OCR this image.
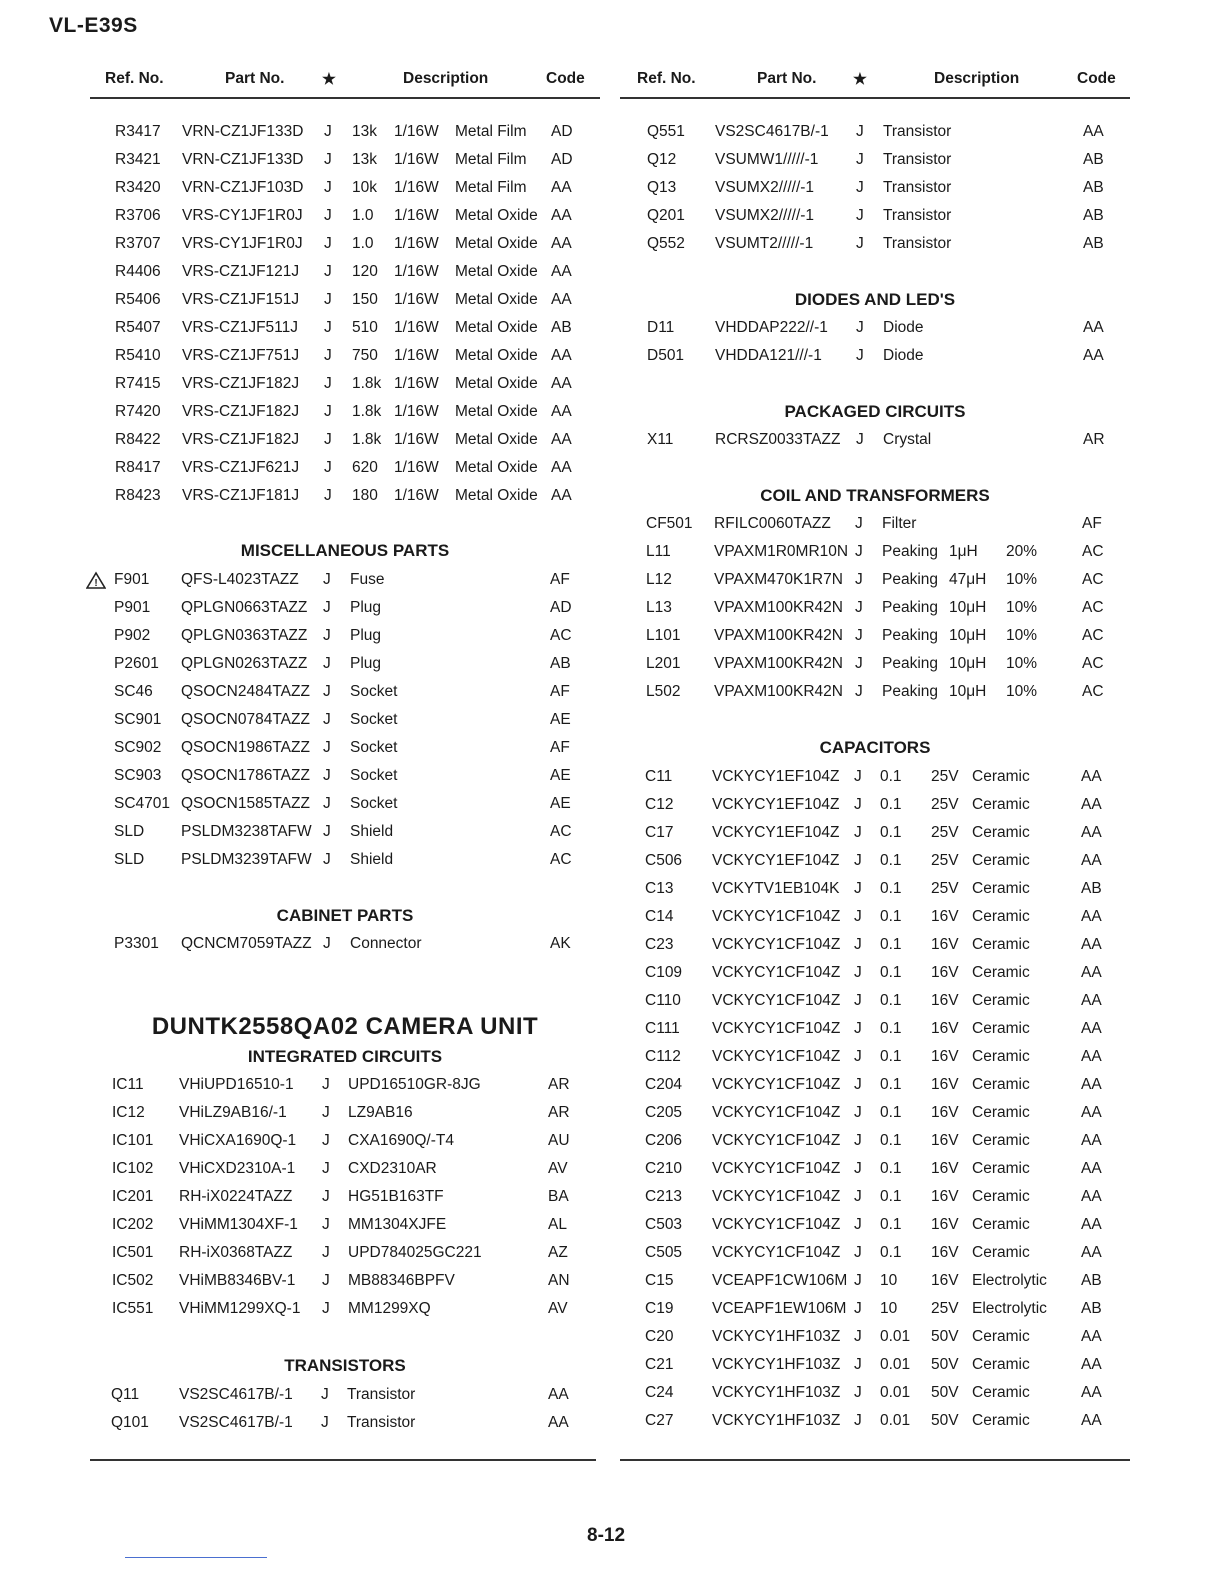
VL-E39S
Ref. No.	Part No. ★	Description	Code
R3417 VRN-CZ1JF133D J 13k 1/16W Metal Film AD
R3421 VRN-CZ1JF133D J 13k 1/16W Metal Film AD
R3420 VRN-CZ1JF103D J 10k 1/16W Metal Film AA
R3706 VRS-CY1JF1R0J J 1.0 1/16W Metal Oxide AA
R3707 VRS-CY1JF1R0J J 1.0 1/16W Metal Oxide AA
R4406 VRS-CZ1JF121J J 120 1/16W Metal Oxide AA
R5406 VRS-CZ1JF151J J 150 1/16W Metal Oxide AA
R5407 VRS-CZ1JF511J J 510 1/16W Metal Oxide AB
R5410 VRS-CZ1JF751J J 750 1/16W Metal Oxide AA
R7415 VRS-CZ1JF182J J 1.8k 1/16W Metal Oxide AA
R7420 VRS-CZ1JF182J J 1.8k 1/16W Metal Oxide AA
R8422 VRS-CZ1JF182J J 1.8k 1/16W Metal Oxide AA
R8417 VRS-CZ1JF621J J 620 1/16W Metal Oxide AA
R8423 VRS-CZ1JF181J J 180 1/16W Metal Oxide AA
MISCELLANEOUS PARTS
F901 QFS-L4023TAZZ J Fuse	AF
!
P901 QPLGN0663TAZZ J Plug	AD
P902 QPLGN0363TAZZ J Plug	AC
P2601 QPLGN0263TAZZ J Plug	AB
SC46 QSOCN2484TAZZ J Socket	AF
SC901 QSOCN0784TAZZ J Socket	AE
SC902 QSOCN1986TAZZ J Socket	AF
SC903 QSOCN1786TAZZ J Socket	AE
SC4701 QSOCN1585TAZZ J Socket	AE
SLD PSLDM3238TAFW J Shield	AC
SLD PSLDM3239TAFW J Shield	AC
CABINET PARTS
P3301 QCNCM7059TAZZ J Connector	AK
DUNTK2558QA02 CAMERA UNIT
INTEGRATED CIRCUITS
IC11 VHiUPD16510-1 J UPD16510GR-8JG	AR
IC12 VHiLZ9AB16/-1 J LZ9AB16	AR
IC101 VHiCXA1690Q-1 J CXA1690Q/-T4	AU
IC102 VHiCXD2310A-1 J CXD2310AR	AV
IC201 RH-iX0224TAZZ J HG51B163TF	BA
IC202 VHiMM1304XF-1 J MM1304XJFE	AL
IC501 RH-iX0368TAZZ J UPD784025GC221	AZ
IC502 VHiMB8346BV-1 J MB88346BPFV	AN
IC551 VHiMM1299XQ-1 J MM1299XQ	AV
TRANSISTORS
Q11	VS2SC4617B/-1 J Transistor	AA
Q101 VS2SC4617B/-1 J Transistor	AA
Ref. No.	Part No. ★	Description	Code
Q551 VS2SC4617B/-1 J Transistor	AA
Q12 VSUMW1/////-1 J Transistor	AB
Q13 VSUMX2/////-1	J Transistor	AB
Q201 VSUMX2/////-1	J Transistor	AB
Q552 VSUMT2/////-1	J Transistor	AB
DIODES AND LED'S
D11	VHDDAP222//-1 J Diode	AA
D501 VHDDA121///-1 J Diode	AA
PACKAGED CIRCUITS
X11	RCRSZ0033TAZZ J Crystal	AR
COIL AND TRANSFORMERS
CF501 RFILC0060TAZZ J Filter	AF
L11	VPAXM1R0MR10N J Peaking 1μH 20%	AC
L12	VPAXM470K1R7N J Peaking 47μH 10%	AC
L13	VPAXM100KR42N J Peaking 10μH 10%	AC
L101 VPAXM100KR42N J Peaking 10μH 10%	AC
L201 VPAXM100KR42N J Peaking 10μH 10%	AC
L502 VPAXM100KR42N J Peaking 10μH 10%	AC
CAPACITORS
C11	VCKYCY1EF104Z J 0.1 25V Ceramic	AA
C12 VCKYCY1EF104Z J 0.1 25V Ceramic	AA
C17 VCKYCY1EF104Z J 0.1 25V Ceramic	AA
C506 VCKYCY1EF104Z J 0.1 25V Ceramic	AA
C13 VCKYTV1EB104K J 0.1 25V Ceramic	AB
C14 VCKYCY1CF104Z J 0.1 16V Ceramic	AA
C23 VCKYCY1CF104Z J 0.1 16V Ceramic	AA
C109 VCKYCY1CF104Z J 0.1 16V Ceramic	AA
C110 VCKYCY1CF104Z J 0.1 16V Ceramic	AA
C111 VCKYCY1CF104Z J 0.1 16V Ceramic	AA
C112 VCKYCY1CF104Z J 0.1 16V Ceramic	AA
C204 VCKYCY1CF104Z J 0.1 16V Ceramic	AA
C205 VCKYCY1CF104Z J 0.1 16V Ceramic	AA
C206 VCKYCY1CF104Z J 0.1 16V Ceramic	AA
C210 VCKYCY1CF104Z J 0.1 16V Ceramic	AA
C213 VCKYCY1CF104Z J 0.1 16V Ceramic	AA
C503 VCKYCY1CF104Z J 0.1 16V Ceramic	AA
C505 VCKYCY1CF104Z J 0.1 16V Ceramic	AA
C15 VCEAPF1CW106M J 10 16V Electrolytic AB
C19 VCEAPF1EW106M J 10 25V Electrolytic AB
C20 VCKYCY1HF103Z J 0.01 50V Ceramic	AA
C21 VCKYCY1HF103Z J 0.01 50V Ceramic	AA
C24 VCKYCY1HF103Z J 0.01 50V Ceramic	AA
C27 VCKYCY1HF103Z J 0.01 50V Ceramic	AA
8-12
